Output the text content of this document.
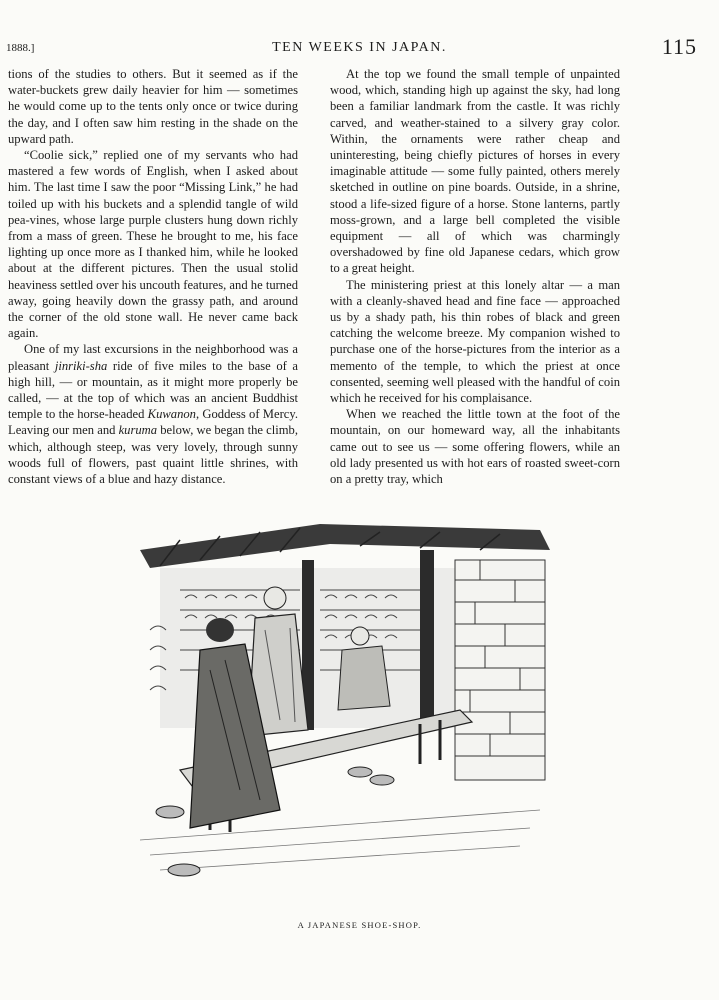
1888.]	TEN WEEKS IN JAPAN.	115

tions of the studies to others. But it seemed as if the water-buckets grew daily heavier for him — sometimes he would come up to the tents only once or twice during the day, and I often saw him resting in the shade on the upward path.

“Coolie sick,” replied one of my servants who had mastered a few words of English, when I asked about him. The last time I saw the poor “Missing Link,” he had toiled up with his buckets and a splendid tangle of wild pea-vines, whose large purple clusters hung down richly from a mass of green. These he brought to me, his face lighting up once more as I thanked him, while he looked about at the different pictures. Then the usual stolid heaviness settled over his uncouth features, and he turned away, going heavily down the grassy path, and around the corner of the old stone wall. He never came back again.

One of my last excursions in the neighborhood was a pleasant jinriki-sha ride of five miles to the base of a high hill, — or mountain, as it might more properly be called, — at the top of which was an ancient Buddhist temple to the horse-headed Kuwanon, Goddess of Mercy. Leaving our men and kuruma below, we began the climb, which, although steep, was very lovely, through sunny woods full of flowers, past quaint little shrines, with constant views of a blue and hazy distance.

At the top we found the small temple of unpainted wood, which, standing high up against the sky, had long been a familiar landmark from the castle. It was richly carved, and weather-stained to a silvery gray color. Within, the ornaments were rather cheap and uninteresting, being chiefly pictures of horses in every imaginable attitude — some fully painted, others merely sketched in outline on pine boards. Outside, in a shrine, stood a life-sized figure of a horse. Stone lanterns, partly moss-grown, and a large bell completed the visible equipment — all of which was charmingly overshadowed by fine old Japanese cedars, which grow to a great height.

The ministering priest at this lonely altar — a man with a cleanly-shaved head and fine face — approached us by a shady path, his thin robes of black and green catching the welcome breeze. My companion wished to purchase one of the horse-pictures from the interior as a memento of the temple, to which the priest at once consented, seeming well pleased with the handful of coin which he received for his complaisance.

When we reached the little town at the foot of the mountain, on our homeward way, all the inhabitants came out to see us — some offering flowers, while an old lady presented us with hot ears of roasted sweet-corn on a pretty tray, which

A JAPANESE SHOE-SHOP.
